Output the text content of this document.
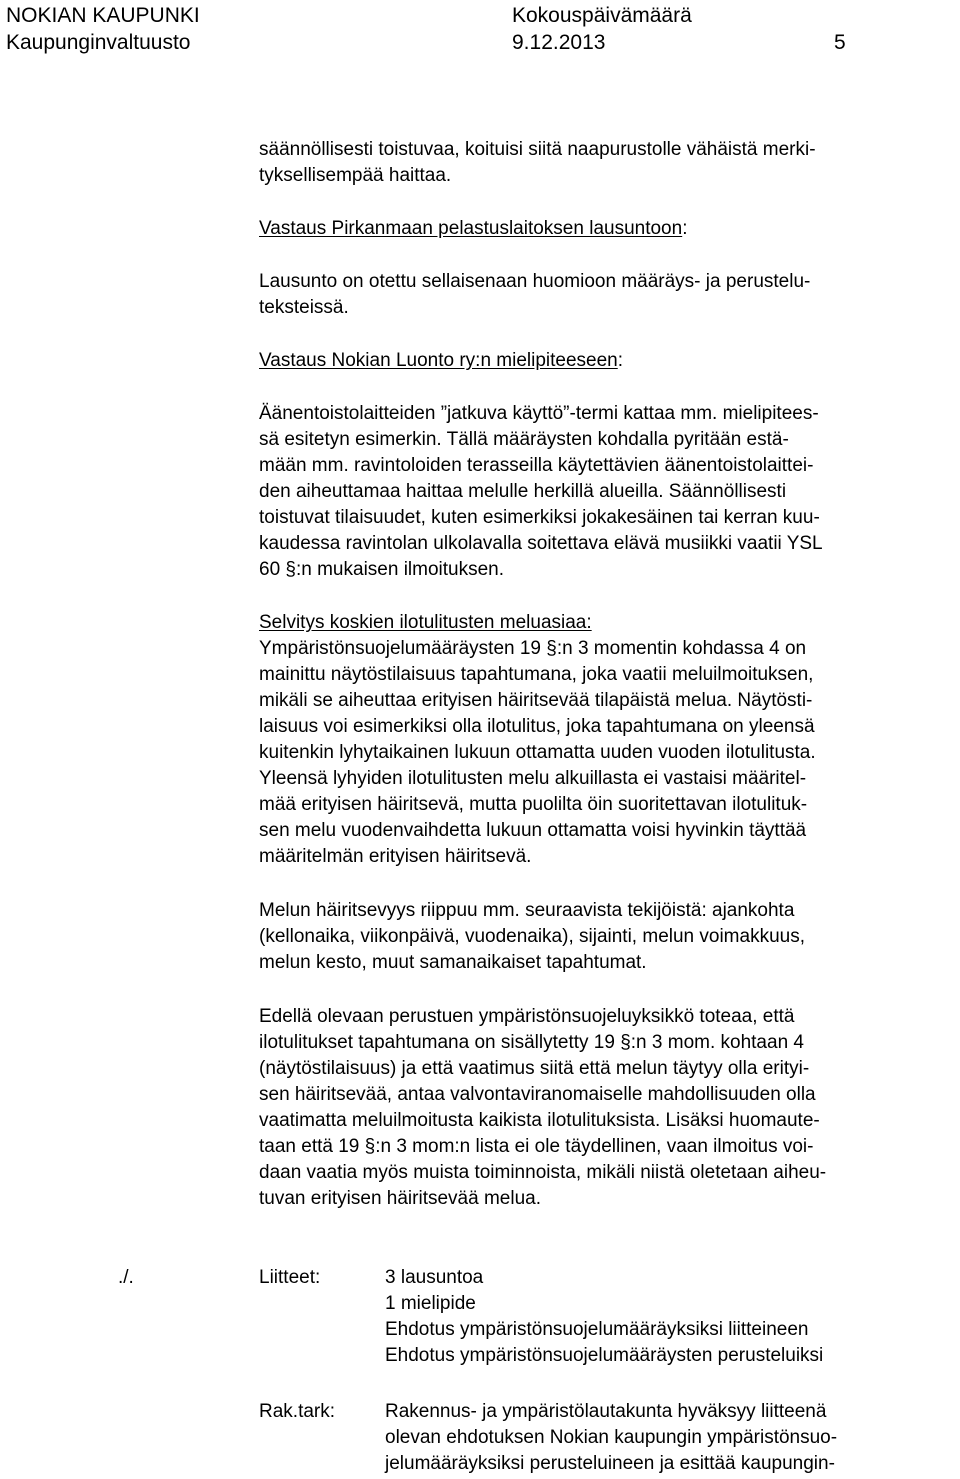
NOKIAN KAUPUNKI
Kaupunginvaltuusto
Kokouspäivämäärä
9.12.2013	5
säännöllisesti toistuvaa, koituisi siitä naapurustolle vähäistä merki-
tyksellisempää haittaa.
Vastaus Pirkanmaan pelastuslaitoksen lausuntoon:
Lausunto on otettu sellaisenaan huomioon määräys- ja perustelu-
teksteissä.
Vastaus Nokian Luonto ry:n mielipiteeseen:
Äänentoistolaitteiden ”jatkuva käyttö”-termi kattaa mm. mielipitees-
sä esitetyn esimerkin. Tällä määräysten kohdalla pyritään estä-
mään mm. ravintoloiden terasseilla käytettävien äänentoistolaittei-
den aiheuttamaa haittaa melulle herkillä alueilla. Säännöllisesti
toistuvat tilaisuudet, kuten esimerkiksi jokakesäinen tai kerran kuu-
kaudessa ravintolan ulkolavalla soitettava elävä musiikki vaatii YSL
60 §:n mukaisen ilmoituksen.
Selvitys koskien ilotulitusten meluasiaa:
Ympäristönsuojelumääräysten 19 §:n 3 momentin kohdassa 4 on
mainittu näytöstilaisuus tapahtumana, joka vaatii meluilmoituksen,
mikäli se aiheuttaa erityisen häiritsevää tilapäistä melua. Näytösti-
laisuus voi esimerkiksi olla ilotulitus, joka tapahtumana on yleensä
kuitenkin lyhytaikainen lukuun ottamatta uuden vuoden ilotulitusta.
Yleensä lyhyiden ilotulitusten melu alkuillasta ei vastaisi määritel-
mää erityisen häiritsevä, mutta puolilta öin suoritettavan ilotulituk-
sen melu vuodenvaihdetta lukuun ottamatta voisi hyvinkin täyttää
määritelmän erityisen häiritsevä.
Melun häiritsevyys riippuu mm. seuraavista tekijöistä: ajankohta
(kellonaika, viikonpäivä, vuodenaika), sijainti, melun voimakkuus,
melun kesto, muut samanaikaiset tapahtumat.
Edellä olevaan perustuen ympäristönsuojeluyksikkö toteaa, että
ilotulitukset tapahtumana on sisällytetty 19 §:n 3 mom. kohtaan 4
(näytöstilaisuus) ja että vaatimus siitä että melun täytyy olla erityi-
sen häiritsevää, antaa valvontaviranomaiselle mahdollisuuden olla
vaatimatta meluilmoitusta kaikista ilotulituksista. Lisäksi huomaute-
taan että 19 §:n 3 mom:n lista ei ole täydellinen, vaan ilmoitus voi-
daan vaatia myös muista toiminnoista, mikäli niistä oletetaan aiheu-
tuvan erityisen häiritsevää melua.
./.	Liitteet:	3 lausuntoa
1 mielipide
Ehdotus ympäristönsuojelumääräyksiksi liitteineen
Ehdotus ympäristönsuojelumääräysten perusteluiksi
Rak.tark:	Rakennus- ja ympäristölautakunta hyväksyy liitteenä
olevan ehdotuksen Nokian kaupungin ympäristönsuo-
jelumääräyksiksi perusteluineen ja esittää kaupungin-
